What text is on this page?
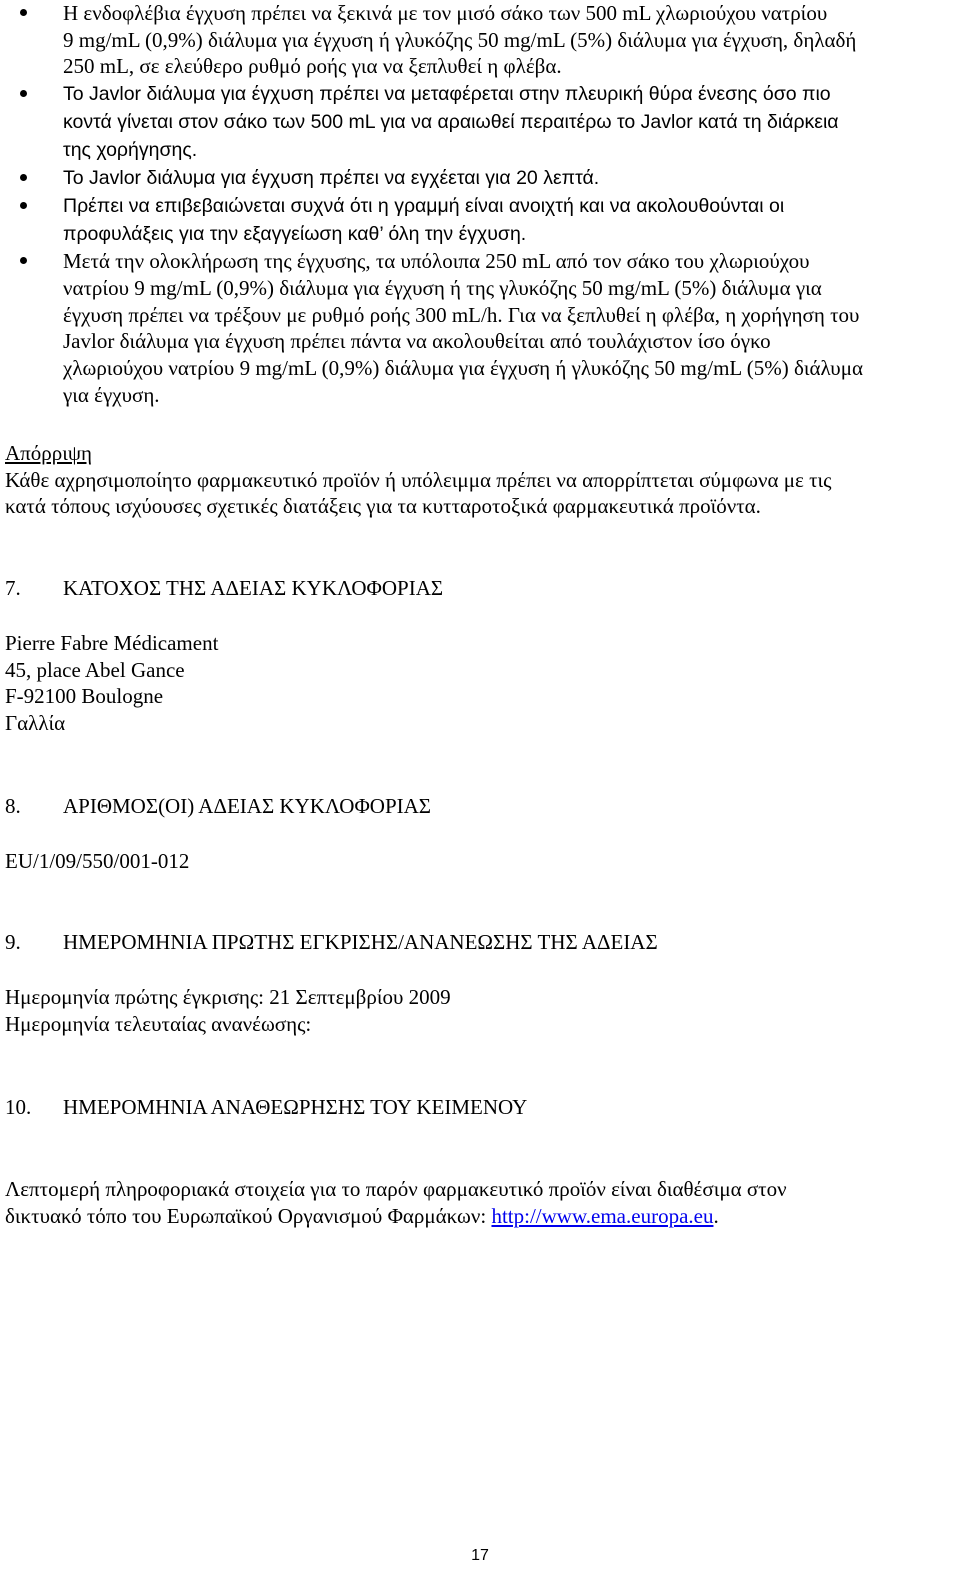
Η ενδοφλέβια έγχυση πρέπει να ξεκινά με τον μισό σάκο των 500 mL χλωριούχου νατρίου
9 mg/mL (0,9%) διάλυμα για έγχυση ή γλυκόζης 50 mg/mL (5%) διάλυμα για έγχυση, δηλαδή
250 mL, σε ελεύθερο ρυθμό ροής για να ξεπλυθεί η φλέβα.
Το Javlor διάλυμα για έγχυση πρέπει να μεταφέρεται στην πλευρική θύρα ένεσης όσο πιο
κοντά γίνεται στον σάκο των 500 mL για να αραιωθεί περαιτέρω το Javlor κατά τη διάρκεια
της χορήγησης.
Το Javlor διάλυμα για έγχυση πρέπει να εγχέεται για 20 λεπτά.
Πρέπει να επιβεβαιώνεται συχνά ότι η γραμμή είναι ανοιχτή και να ακολουθούνται οι
προφυλάξεις για την εξαγγείωση καθ’ όλη την έγχυση.
Μετά την ολοκλήρωση της έγχυσης, τα υπόλοιπα 250 mL από τον σάκο του χλωριούχου
νατρίου 9 mg/mL (0,9%) διάλυμα για έγχυση ή της γλυκόζης 50 mg/mL (5%) διάλυμα για
έγχυση πρέπει να τρέξουν με ρυθμό ροής 300 mL/h. Για να ξεπλυθεί η φλέβα, η χορήγηση του
Javlor διάλυμα για έγχυση πρέπει πάντα να ακολουθείται από τουλάχιστον ίσο όγκο
χλωριούχου νατρίου 9 mg/mL (0,9%) διάλυμα για έγχυση ή γλυκόζης 50 mg/mL (5%) διάλυμα
για έγχυση.
Απόρριψη
Κάθε αχρησιμοποίητο φαρμακευτικό προϊόν ή υπόλειμμα πρέπει να απορρίπτεται σύμφωνα με τις
κατά τόπους ισχύουσες σχετικές διατάξεις για τα κυτταροτοξικά φαρμακευτικά προϊόντα.
7. ΚΑΤΟΧΟΣ ΤΗΣ ΑΔΕΙΑΣ ΚΥΚΛΟΦΟΡΙΑΣ
Pierre Fabre Médicament
45, place Abel Gance
F-92100 Boulogne
Γαλλία
8. ΑΡΙΘΜΟΣ(ΟΙ) ΑΔΕΙΑΣ ΚΥΚΛΟΦΟΡΙΑΣ
EU/1/09/550/001-012
9. ΗΜΕΡΟΜΗΝΙΑ ΠΡΩΤΗΣ ΕΓΚΡΙΣΗΣ/ΑΝΑΝΕΩΣΗΣ ΤΗΣ ΑΔΕΙΑΣ
Ημερομηνία πρώτης έγκρισης: 21 Σεπτεμβρίου 2009
Ημερομηνία τελευταίας ανανέωσης:
10. ΗΜΕΡΟΜΗΝΙΑ ΑΝΑΘΕΩΡΗΣΗΣ ΤΟΥ ΚΕΙΜΕΝΟΥ
Λεπτομερή πληροφοριακά στοιχεία για το παρόν φαρμακευτικό προϊόν είναι διαθέσιμα στον
δικτυακό τόπο του Ευρωπαϊκού Οργανισμού Φαρμάκων: http://www.ema.europa.eu.
17
